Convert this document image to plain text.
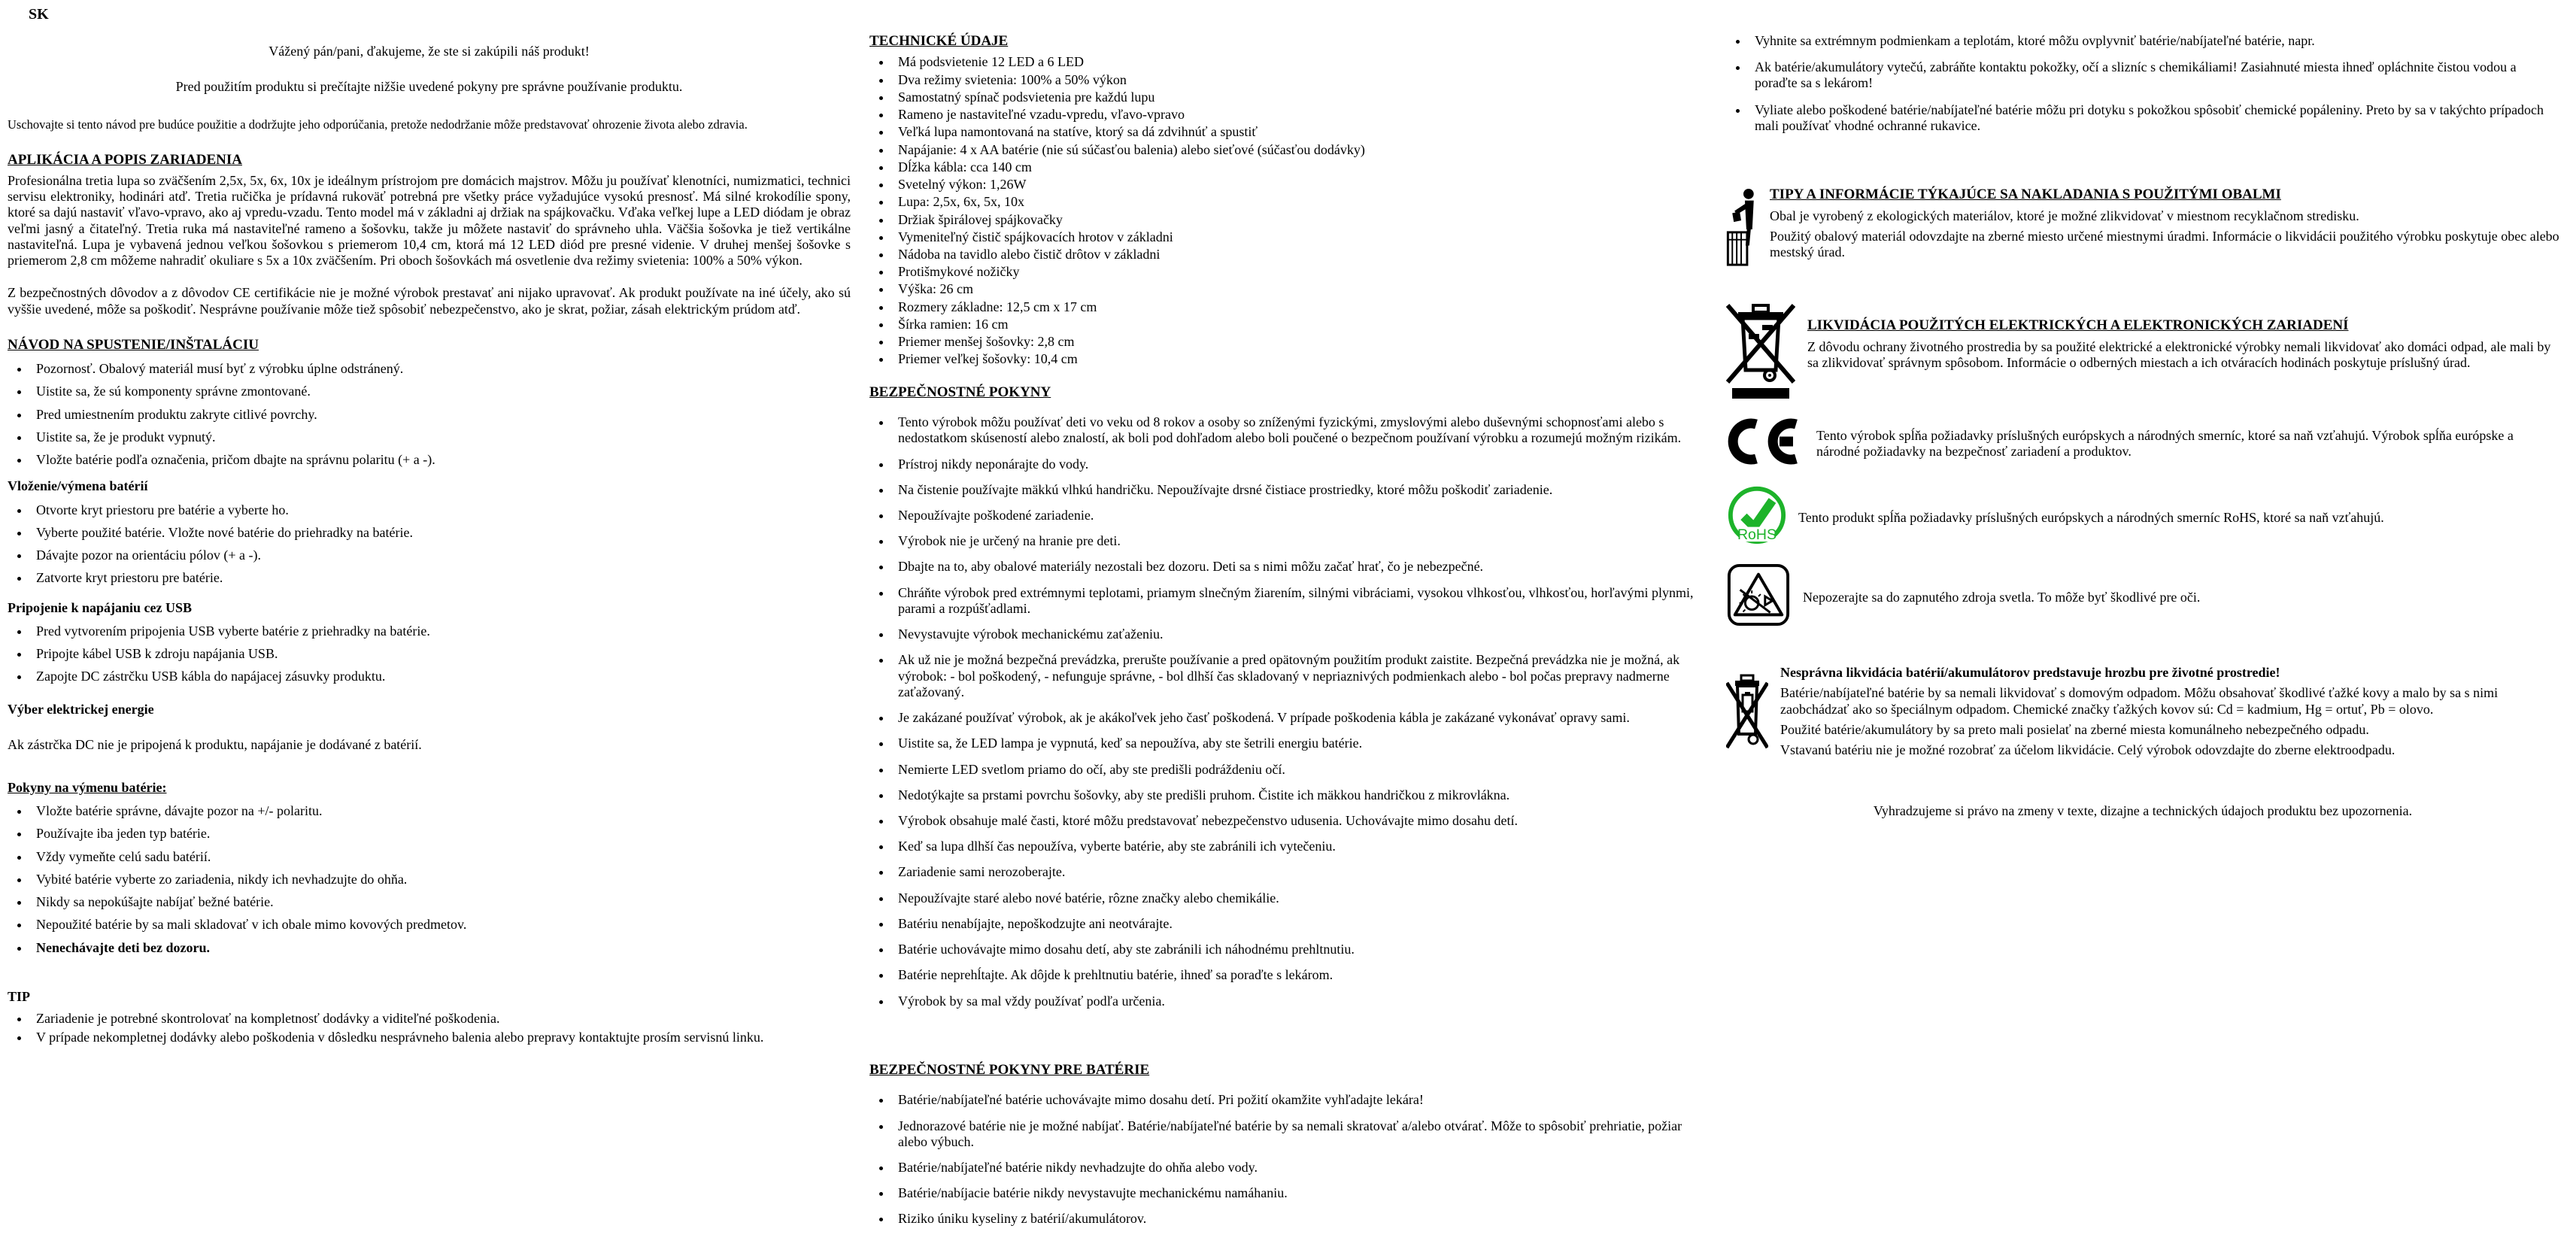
SK

Vážený pán/pani, ďakujeme, že ste si zakúpili náš produkt!

Pred použitím produktu si prečítajte nižšie uvedené pokyny pre správne používanie produktu.

Uschovajte si tento návod pre budúce použitie a dodržujte jeho odporúčania, pretože nedodržanie môže predstavovať ohrozenie života alebo zdravia.

APLIKÁCIA A POPIS ZARIADENIA

Profesionálna tretia lupa so zväčšením 2,5x, 5x, 6x, 10x je ideálnym prístrojom pre domácich majstrov. Môžu ju používať klenotníci, numizmatici, technici servisu elektroniky, hodinári atď. Tretia ručička je prídavná rukoväť potrebná pre všetky práce vyžadujúce vysokú presnosť. Má silné krokodílie spony, ktoré sa dajú nastaviť vľavo-vpravo, ako aj vpredu-vzadu. Tento model má v základni aj držiak na spájkovačku. Vďaka veľkej lupe a LED diódam je obraz veľmi jasný a čitateľný. Tretia ruka má nastaviteľné rameno a šošovku, takže ju môžete nastaviť do správneho uhla. Väčšia šošovka je tiež vertikálne nastaviteľná. Lupa je vybavená jednou veľkou šošovkou s priemerom 10,4 cm, ktorá má 12 LED diód pre presné videnie. V druhej menšej šošovke s priemerom 2,8 cm môžeme nahradiť okuliare s 5x a 10x zväčšením. Pri oboch šošovkách má osvetlenie dva režimy svietenia: 100% a 50% výkon.

Z bezpečnostných dôvodov a z dôvodov CE certifikácie nie je možné výrobok prestavať ani nijako upravovať. Ak produkt používate na iné účely, ako sú vyššie uvedené, môže sa poškodiť. Nesprávne používanie môže tiež spôsobiť nebezpečenstvo, ako je skrat, požiar, zásah elektrickým prúdom atď.

NÁVOD NA SPUSTENIE/INŠTALÁCIU
• Pozornosť. Obalový materiál musí byť z výrobku úplne odstránený.
• Uistite sa, že sú komponenty správne zmontované.
• Pred umiestnením produktu zakryte citlivé povrchy.
• Uistite sa, že je produkt vypnutý.
• Vložte batérie podľa označenia, pričom dbajte na správnu polaritu (+ a -).
Vloženie/výmena batérií
• Otvorte kryt priestoru pre batérie a vyberte ho.
• Vyberte použité batérie. Vložte nové batérie do priehradky na batérie.
• Dávajte pozor na orientáciu pólov (+ a -).
• Zatvorte kryt priestoru pre batérie.
Pripojenie k napájaniu cez USB
• Pred vytvorením pripojenia USB vyberte batérie z priehradky na batérie.
• Pripojte kábel USB k zdroju napájania USB.
• Zapojte DC zástrčku USB kábla do napájacej zásuvky produktu.
Výber elektrickej energie

Ak zástrčka DC nie je pripojená k produktu, napájanie je dodávané z batérií.

Pokyny na výmenu batérie:
• Vložte batérie správne, dávajte pozor na +/- polaritu.
• Používajte iba jeden typ batérie.
• Vždy vymeňte celú sadu batérií.
• Vybité batérie vyberte zo zariadenia, nikdy ich nevhadzujte do ohňa.
• Nikdy sa nepokúšajte nabíjať bežné batérie.
• Nepoužité batérie by sa mali skladovať v ich obale mimo kovových predmetov.
• Nenechávajte deti bez dozoru.
TIP
• Zariadenie je potrebné skontrolovať na kompletnosť dodávky a viditeľné poškodenia.
• V prípade nekompletnej dodávky alebo poškodenia v dôsledku nesprávneho balenia alebo prepravy kontaktujte prosím servisnú linku.
TECHNICKÉ ÚDAJE
• Má podsvietenie 12 LED a 6 LED
• Dva režimy svietenia: 100% a 50% výkon
• Samostatný spínač podsvietenia pre každú lupu
• Rameno je nastaviteľné vzadu-vpredu, vľavo-vpravo
• Veľká lupa namontovaná na statíve, ktorý sa dá zdvihnúť a spustiť
• Napájanie: 4 x AA batérie (nie sú súčasťou balenia) alebo sieťové (súčasťou dodávky)
• Dĺžka kábla: cca 140 cm
• Svetelný výkon: 1,26W
• Lupa: 2,5x, 6x, 5x, 10x
• Držiak špirálovej spájkovačky
• Vymeniteľný čistič spájkovacích hrotov v základni
• Nádoba na tavidlo alebo čistič drôtov v základni
• Protišmykové nožičky
• Výška: 26 cm
• Rozmery základne: 12,5 cm x 17 cm
• Šírka ramien: 16 cm
• Priemer menšej šošovky: 2,8 cm
• Priemer veľkej šošovky: 10,4 cm
BEZPEČNOSTNÉ POKYNY
• Tento výrobok môžu používať deti vo veku od 8 rokov a osoby so zníženými fyzickými, zmyslovými alebo duševnými schopnosťami alebo s nedostatkom skúseností alebo znalostí, ak boli pod dohľadom alebo boli poučené o bezpečnom používaní výrobku a rozumejú možným rizikám.
• Prístroj nikdy neponárajte do vody.
• Na čistenie používajte mäkkú vlhkú handričku. Nepoužívajte drsné čistiace prostriedky, ktoré môžu poškodiť zariadenie.
• Nepoužívajte poškodené zariadenie.
• Výrobok nie je určený na hranie pre deti.
• Dbajte na to, aby obalové materiály nezostali bez dozoru. Deti sa s nimi môžu začať hrať, čo je nebezpečné.
• Chráňte výrobok pred extrémnymi teplotami, priamym slnečným žiarením, silnými vibráciami, vysokou vlhkosťou, vlhkosťou, horľavými plynmi, parami a rozpúšťadlami.
• Nevystavujte výrobok mechanickému zaťaženiu.
• Ak už nie je možná bezpečná prevádzka, prerušte používanie a pred opätovným použitím produkt zaistite. Bezpečná prevádzka nie je možná, ak výrobok: - bol poškodený, - nefunguje správne, - bol dlhší čas skladovaný v nepriaznivých podmienkach alebo - bol počas prepravy nadmerne zaťažovaný.
• Je zakázané používať výrobok, ak je akákoľvek jeho časť poškodená. V prípade poškodenia kábla je zakázané vykonávať opravy sami.
• Uistite sa, že LED lampa je vypnutá, keď sa nepoužíva, aby ste šetrili energiu batérie.
• Nemierte LED svetlom priamo do očí, aby ste predišli podráždeniu očí.
• Nedotýkajte sa prstami povrchu šošovky, aby ste predišli pruhom. Čistite ich mäkkou handričkou z mikrovlákna.
• Výrobok obsahuje malé časti, ktoré môžu predstavovať nebezpečenstvo udusenia. Uchovávajte mimo dosahu detí.
• Keď sa lupa dlhší čas nepoužíva, vyberte batérie, aby ste zabránili ich vytečeniu.
• Zariadenie sami nerozoberajte.
• Nepoužívajte staré alebo nové batérie, rôzne značky alebo chemikálie.
• Batériu nenabíjajte, nepoškodzujte ani neotvárajte.
• Batérie uchovávajte mimo dosahu detí, aby ste zabránili ich náhodnému prehltnutiu.
• Batérie neprehĺtajte. Ak dôjde k prehltnutiu batérie, ihneď sa poraďte s lekárom.
• Výrobok by sa mal vždy používať podľa určenia.
BEZPEČNOSTNÉ POKYNY PRE BATÉRIE
• Batérie/nabíjateľné batérie uchovávajte mimo dosahu detí. Pri požití okamžite vyhľadajte lekára!
• Jednorazové batérie nie je možné nabíjať. Batérie/nabíjateľné batérie by sa nemali skratovať a/alebo otvárať. Môže to spôsobiť prehriatie, požiar alebo výbuch.
• Batérie/nabíjateľné batérie nikdy nevhadzujte do ohňa alebo vody.
• Batérie/nabíjacie batérie nikdy nevystavujte mechanickému namáhaniu.
• Riziko úniku kyseliny z batérií/akumulátorov.
• Vyhnite sa extrémnym podmienkam a teplotám, ktoré môžu ovplyvniť batérie/nabíjateľné batérie, napr.
• Ak batérie/akumulátory vytečú, zabráňte kontaktu pokožky, očí a slizníc s chemikáliami! Zasiahnuté miesta ihneď opláchnite čistou vodou a poraďte sa s lekárom!
• Vyliate alebo poškodené batérie/nabíjateľné batérie môžu pri dotyku s pokožkou spôsobiť chemické popáleniny. Preto by sa v takýchto prípadoch mali používať vhodné ochranné rukavice.
TIPY A INFORMÁCIE TÝKAJÚCE SA NAKLADANIA S POUŽITÝMI OBALMI

Obal je vyrobený z ekologických materiálov, ktoré je možné zlikvidovať v miestnom recyklačnom stredisku.

Použitý obalový materiál odovzdajte na zberné miesto určené miestnymi úradmi. Informácie o likvidácii použitého výrobku poskytuje obec alebo mestský úrad.

LIKVIDÁCIA POUŽITÝCH ELEKTRICKÝCH A ELEKTRONICKÝCH ZARIADENÍ

Z dôvodu ochrany životného prostredia by sa použité elektrické a elektronické výrobky nemali likvidovať ako domáci odpad, ale mali by sa zlikvidovať správnym spôsobom. Informácie o odberných miestach a ich otváracích hodinách poskytuje príslušný úrad.

Tento výrobok spĺňa požiadavky príslušných európskych a národných smerníc, ktoré sa naň vzťahujú. Výrobok spĺňa európske a národné požiadavky na bezpečnosť zariadení a produktov.

RoHS

Tento produkt spĺňa požiadavky príslušných európskych a národných smerníc RoHS, ktoré sa naň vzťahujú.

Nepozerajte sa do zapnutého zdroja svetla. To môže byť škodlivé pre oči.

Nesprávna likvidácia batérií/akumulátorov predstavuje hrozbu pre životné prostredie!

Batérie/nabíjateľné batérie by sa nemali likvidovať s domovým odpadom. Môžu obsahovať škodlivé ťažké kovy a malo by sa s nimi zaobchádzať ako so špeciálnym odpadom. Chemické značky ťažkých kovov sú: Cd = kadmium, Hg = ortuť, Pb = olovo.

Použité batérie/akumulátory by sa preto mali posielať na zberné miesta komunálneho nebezpečného odpadu.

Vstavanú batériu nie je možné rozobrať za účelom likvidácie. Celý výrobok odovzdajte do zberne elektroodpadu.

Vyhradzujeme si právo na zmeny v texte, dizajne a technických údajoch produktu bez upozornenia.
